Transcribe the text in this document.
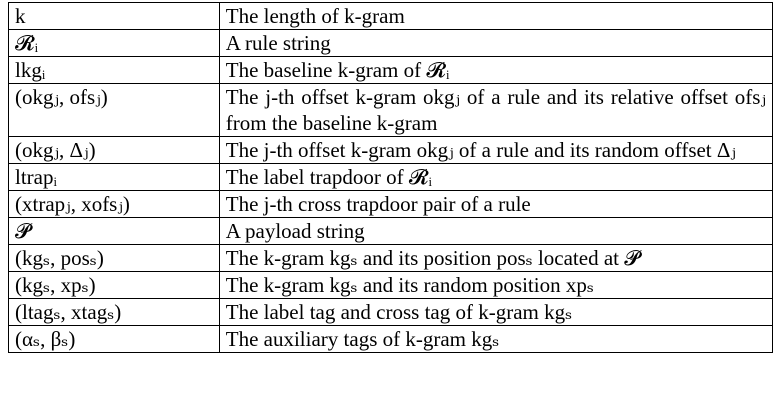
k	The length of k-gram
𝓡ᵢ	A rule string
lkgᵢ	The baseline k-gram of 𝓡ᵢ
(okgⱼ, ofsⱼ)	The j-th offset k-gram okgⱼ of a rule and its relative offset ofsⱼ from the baseline k-gram
(okgⱼ, Δⱼ)	The j-th offset k-gram okgⱼ of a rule and its random offset Δⱼ
ltrapᵢ	The label trapdoor of 𝓡ᵢ
(xtrapⱼ, xofsⱼ)	The j-th cross trapdoor pair of a rule
𝓟	A payload string
(kgₛ, posₛ)	The k-gram kgₛ and its position posₛ located at 𝓟
(kgₛ, xpₛ)	The k-gram kgₛ and its random position xpₛ
(ltagₛ, xtagₛ)	The label tag and cross tag of k-gram kgₛ
(αₛ, βₛ)	The auxiliary tags of k-gram kgₛ
